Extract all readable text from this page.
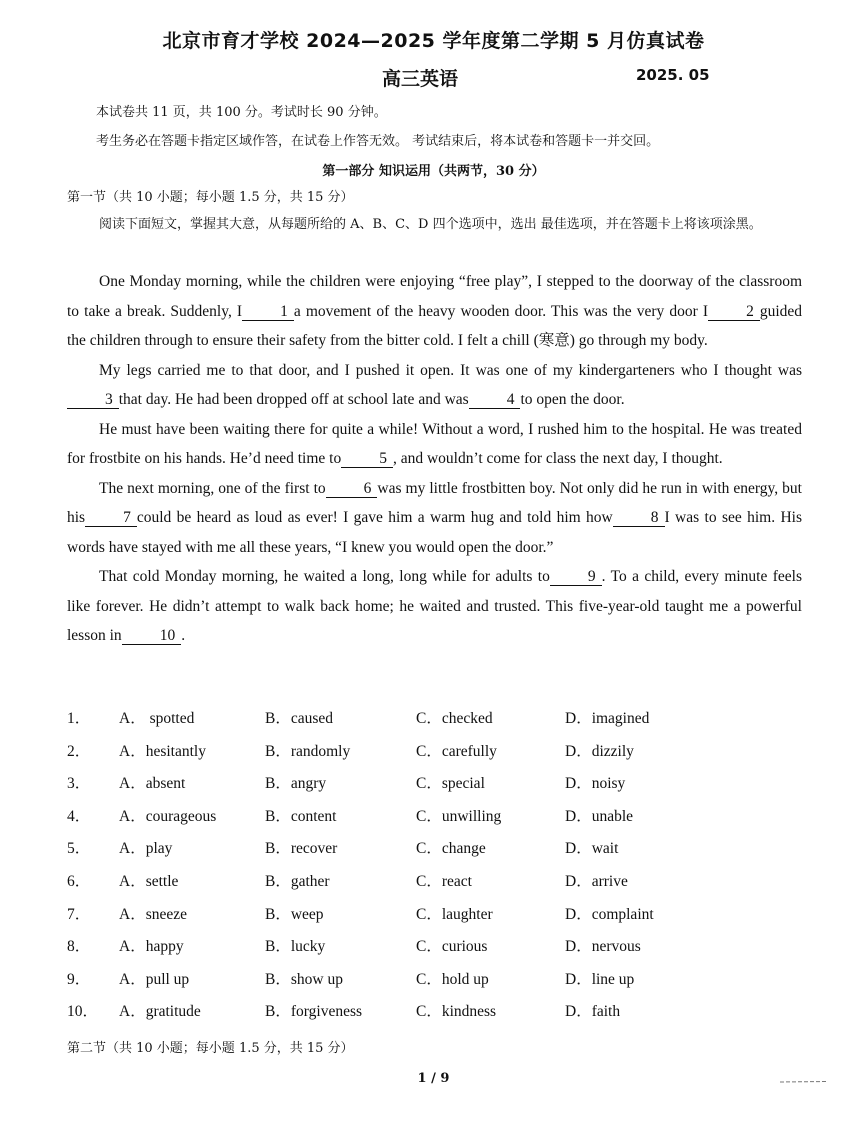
北京市育才学校 2024—2025 学年度第二学期 5 月仿真试卷
高三英语	2025. 05
本试卷共 11 页，共 100 分。考试时长 90 分钟。
考生务必在答题卡指定区域作答，在试卷上作答无效。 考试结束后，将本试卷和答题卡一并交回。
第一部分 知识运用（共两节，30 分）
第一节（共 10 小题；每小题 1.5 分，共 15 分）
阅读下面短文，掌握其大意，从每题所给的 A、B、C、D 四个选项中，选出 最佳选项，并在答题卡上将该项涂黑。

One Monday morning, while the children were enjoying “free play”, I stepped to the doorway of the classroom to take a break. Suddenly, I 1 a movement of the heavy wooden door. This was the very door I 2 guided the children through to ensure their safety from the bitter cold. I felt a chill (寒意) go through my body.

My legs carried me to that door, and I pushed it open. It was one of my kindergarteners who I thought was3 that day. He had been dropped off at school late and was 4 to open the door.

He must have been waiting there for quite a while! Without a word, I rushed him to the hospital. He was treated for frostbite on his hands. He’d need time to 5 , and wouldn’t come for class the next day, I thought.

The next morning, one of the first to 6 was my little frostbitten boy. Not only did he run in with energy, but his 7 could be heard as loud as ever! I gave him a warm hug and told him how 8 I was to see him. His words have stayed with me all these years, “I knew you would open the door.”

That cold Monday morning, he waited a long, long while for adults to 9 . To a child, every minute feels like forever. He didn’t attempt to walk back home; he waited and trusted. This five-year-old taught me a powerful lesson in 10 .

1．	A． spotted	B．caused	C．checked	D．imagined
2．	A．hesitantly	B．randomly	C．carefully	D．dizzily
3．	A．absent	B．angry	C．special	D．noisy
4．	A．courageous	B．content	C．unwilling	D．unable
5．	A．play	B．recover	C．change	D．wait
6．	A．settle	B．gather	C．react	D．arrive
7．	A．sneeze	B．weep	C．laughter	D．complaint
8．	A．happy	B．lucky	C．curious	D．nervous
9．	A．pull up	B．show up	C．hold up	D．line up
10．	A．gratitude	B．forgiveness	C．kindness	D．faith
第二节（共 10 小题；每小题 1.5 分，共 15 分）
1 / 9
